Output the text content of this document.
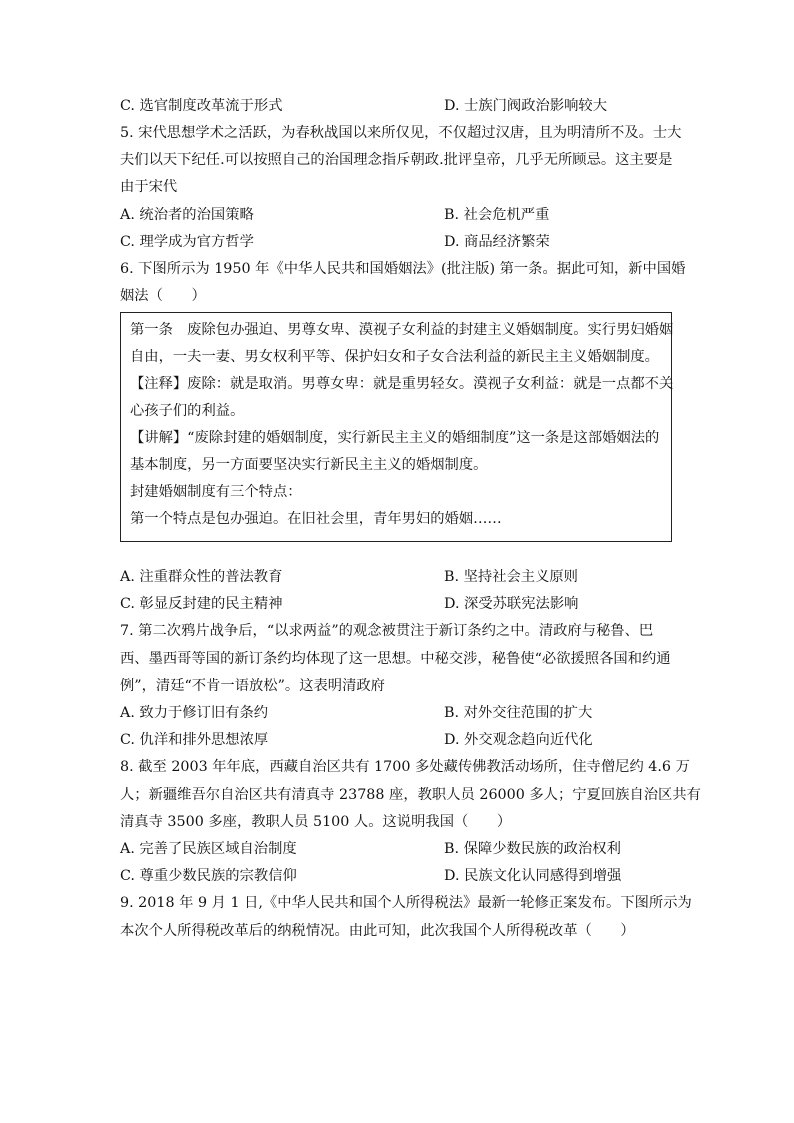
C. 选官制度改革流于形式	D. 士族门阀政治影响较大
5. 宋代思想学术之活跃，为春秋战国以来所仅见，不仅超过汉唐，且为明清所不及。士大
夫们以天下纪任.可以按照自己的治国理念指斥朝政.批评皇帝，几乎无所顾忌。这主要是
由于宋代
A. 统治者的治国策略	B. 社会危机严重
C. 理学成为官方哲学	D. 商品经济繁荣
6. 下图所示为 1950 年《中华人民共和国婚姻法》(批注版) 第一条。据此可知，新中国婚
姻法（　　）
第一条　废除包办强迫、男尊女卑、漠视子女利益的封建主义婚姻制度。实行男妇婚姻
自由，一夫一妻、男女权利平等、保护妇女和子女合法利益的新民主主义婚姻制度。
【注释】废除：就是取消。男尊女卑：就是重男轻女。漠视子女利益：就是一点都不关
心孩子们的利益。
【讲解】“废除封建的婚姻制度，实行新民主主义的婚细制度”这一条是这部婚姻法的
基本制度，另一方面要坚决实行新民主主义的婚烟制度。
封建婚姻制度有三个特点：
第一个特点是包办强迫。在旧社会里，青年男妇的婚姻……
A. 注重群众性的普法教育	B. 坚持社会主义原则
C. 彰显反封建的民主精神	D. 深受苏联宪法影响
7. 第二次鸦片战争后，“以求两益”的观念被贯注于新订条约之中。清政府与秘鲁、巴
西、墨西哥等国的新订条约均体现了这一思想。中秘交涉，秘鲁使“必欲援照各国和约通
例”，清廷“不肯一语放松”。这表明清政府
A. 致力于修订旧有条约	B. 对外交往范围的扩大
C. 仇洋和排外思想浓厚	D. 外交观念趋向近代化
8. 截至 2003 年年底，西藏自治区共有 1700 多处藏传佛教活动场所，住寺僧尼约 4.6 万
人；新疆维吾尔自治区共有清真寺 23788 座，教职人员 26000 多人；宁夏回族自治区共有
清真寺 3500 多座，教职人员 5100 人。这说明我国（　　）
A. 完善了民族区域自治制度	B. 保障少数民族的政治权利
C. 尊重少数民族的宗教信仰	D. 民族文化认同感得到增强
9. 2018 年 9 月 1 日,《中华人民共和国个人所得税法》最新一轮修正案发布。下图所示为
本次个人所得税改革后的纳税情况。由此可知，此次我国个人所得税改革（　　）
